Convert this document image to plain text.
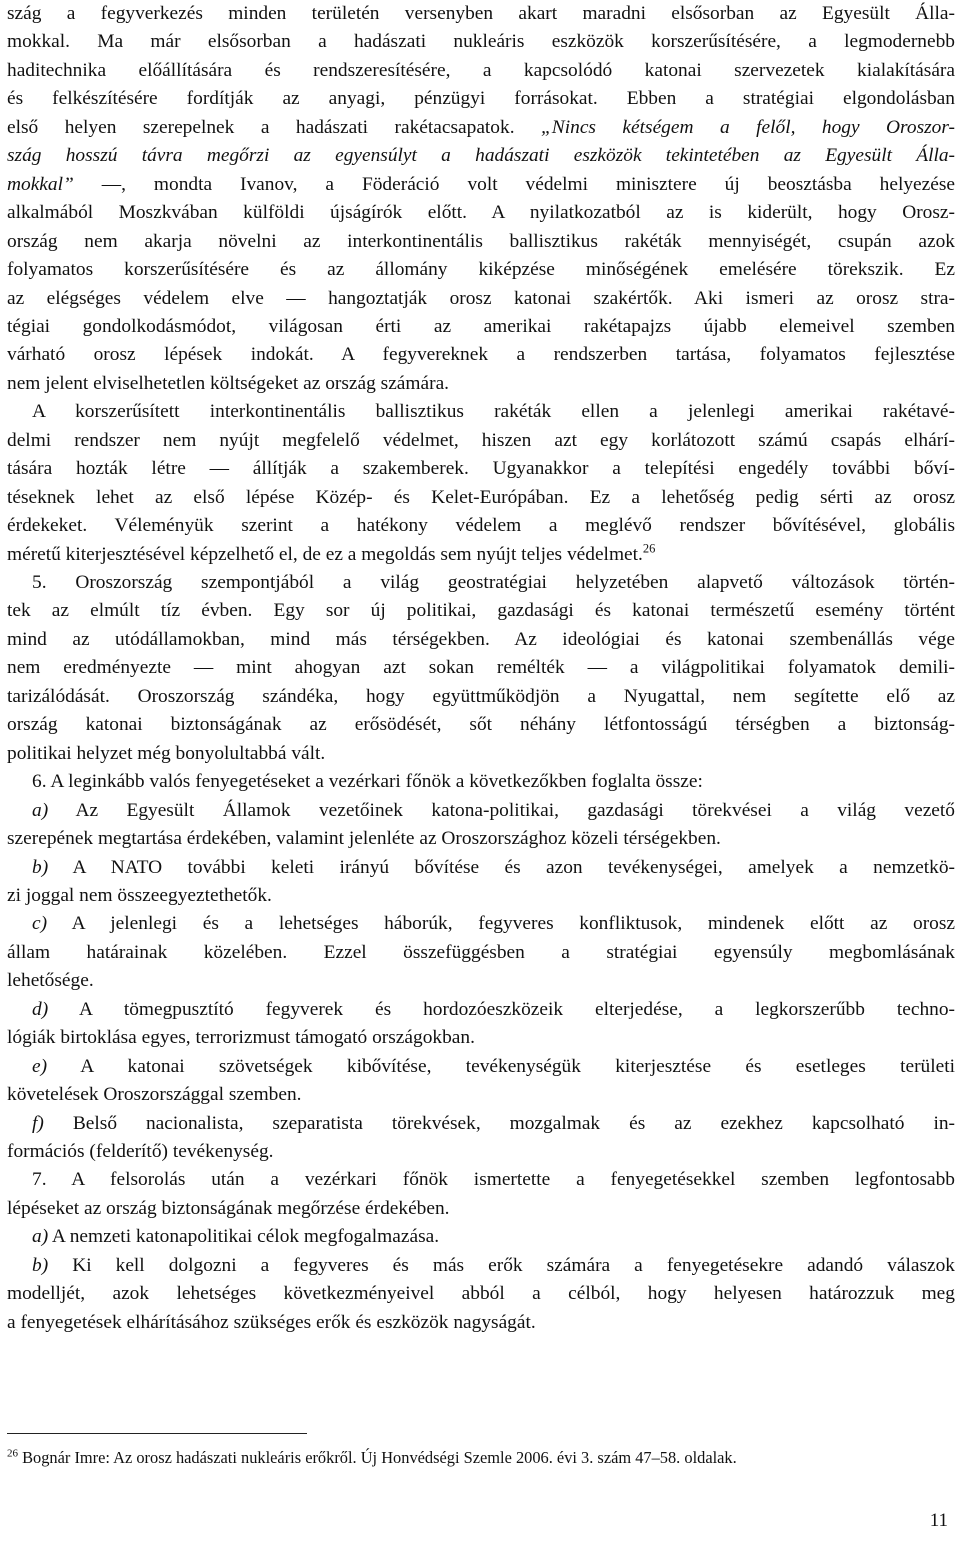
szág a fegyverkezés minden területén versenyben akart maradni elsősorban az Egyesült Álla-
mokkal. Ma már elsősorban a hadászati nukleáris eszközök korszerűsítésére, a legmodernebb
haditechnika előállítására és rendszeresítésére, a kapcsolódó katonai szervezetek kialakítására
és felkészítésére fordítják az anyagi, pénzügyi forrásokat. Ebben a stratégiai elgondolásban
első helyen szerepelnek a hadászati rakétacsapatok. „Nincs kétségem a felől, hogy Oroszor-
szág hosszú távra megőrzi az egyensúlyt a hadászati eszközök tekintetében az Egyesült Álla-
mokkal” —, mondta Ivanov, a Föderáció volt védelmi minisztere új beosztásba helyezése
alkalmából Moszkvában külföldi újságírók előtt. A nyilatkozatból az is kiderült, hogy Orosz-
ország nem akarja növelni az interkontinentális ballisztikus rakéták mennyiségét, csupán azok
folyamatos korszerűsítésére és az állomány kiképzése minőségének emelésére törekszik. Ez
az elégséges védelem elve — hangoztatják orosz katonai szakértők. Aki ismeri az orosz stra-
tégiai gondolkodásmódot, világosan érti az amerikai rakétapajzs újabb elemeivel szemben
várható orosz lépések indokát. A fegyvereknek a rendszerben tartása, folyamatos fejlesztése
nem jelent elviselhetetlen költségeket az ország számára.
A korszerűsített interkontinentális ballisztikus rakéták ellen a jelenlegi amerikai rakétavé-
delmi rendszer nem nyújt megfelelő védelmet, hiszen azt egy korlátozott számú csapás elhárí-
tására hozták létre — állítják a szakemberek. Ugyanakkor a telepítési engedély további bőví-
téseknek lehet az első lépése Közép- és Kelet-Európában. Ez a lehetőség pedig sérti az orosz
érdekeket. Véleményük szerint a hatékony védelem a meglévő rendszer bővítésével, globális
méretű kiterjesztésével képzelhető el, de ez a megoldás sem nyújt teljes védelmet.$^{26}$
5. Oroszország szempontjából a világ geostratégiai helyzetében alapvető változások történ-
tek az elmúlt tíz évben. Egy sor új politikai, gazdasági és katonai természetű esemény történt
mind az utódállamokban, mind más térségekben. Az ideológiai és katonai szembenállás vége
nem eredményezte — mint ahogyan azt sokan remélték — a világpolitikai folyamatok demili-
tarizálódását. Oroszország szándéka, hogy együttműködjön a Nyugattal, nem segítette elő az
ország katonai biztonságának az erősödését, sőt néhány létfontosságú térségben a biztonság-
politikai helyzet még bonyolultabbá vált.
6. A leginkább valós fenyegetéseket a vezérkari főnök a következőkben foglalta össze:
a) Az Egyesült Államok vezetőinek katona-politikai, gazdasági törekvései a világ vezető
szerepének megtartása érdekében, valamint jelenléte az Oroszországhoz közeli térségekben.
b) A NATO további keleti irányú bővítése és azon tevékenységei, amelyek a nemzetkö-
zi joggal nem összeegyeztethetők.
c) A jelenlegi és a lehetséges háborúk, fegyveres konfliktusok, mindenek előtt az orosz
állam határainak közelében. Ezzel összefüggésben a stratégiai egyensúly megbomlásának
lehetősége.
d) A tömegpusztító fegyverek és hordozóeszközeik elterjedése, a legkorszerűbb techno-
lógiák birtoklása egyes, terrorizmust támogató országokban.
e) A katonai szövetségek kibővítése, tevékenységük kiterjesztése és esetleges területi
követelések Oroszországgal szemben.
f) Belső nacionalista, szeparatista törekvések, mozgalmak és az ezekhez kapcsolható in-
formációs (felderítő) tevékenység.
7. A felsorolás után a vezérkari főnök ismertette a fenyegetésekkel szemben legfontosabb
lépéseket az ország biztonságának megőrzése érdekében.
a) A nemzeti katonapolitikai célok megfogalmazása.
b) Ki kell dolgozni a fegyveres és más erők számára a fenyegetésekre adandó válaszok
modelljét, azok lehetséges következményeivel abból a célból, hogy helyesen határozzuk meg
a fenyegetések elhárításához szükséges erők és eszközök nagyságát.
$^{26}$ Bognár Imre: Az orosz hadászati nukleáris erőkről. Új Honvédségi Szemle 2006. évi 3. szám 47–58. oldalak.
11
